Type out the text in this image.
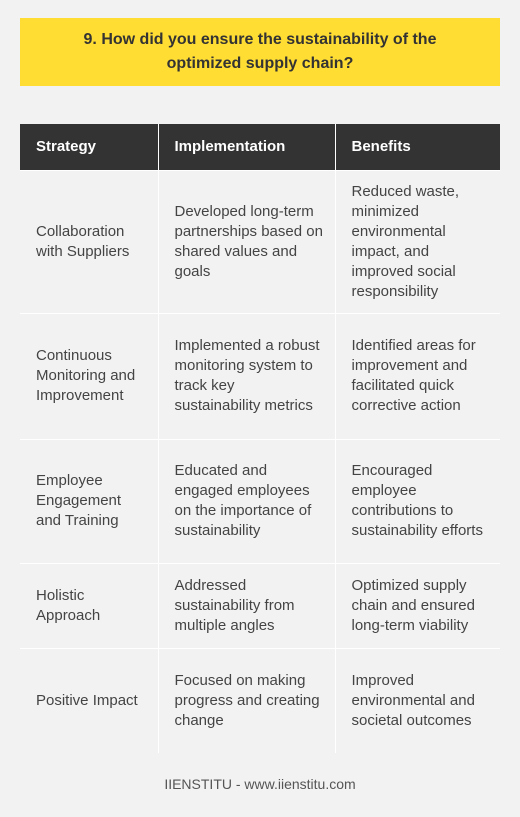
9. How did you ensure the sustainability of the optimized supply chain?
Strategy	Implementation	Benefits
Collaboration with Suppliers	Developed long-term partnerships based on shared values and goals	Reduced waste, minimized environmental impact, and improved social responsibility
Continuous Monitoring and Improvement	Implemented a robust monitoring system to track key sustainability metrics	Identified areas for improvement and facilitated quick corrective action
Employee Engagement and Training	Educated and engaged employees on the importance of sustainability	Encouraged employee contributions to sustainability efforts
Holistic Approach	Addressed sustainability from multiple angles	Optimized supply chain and ensured long-term viability
Positive Impact	Focused on making progress and creating change	Improved environmental and societal outcomes
IIENSTITU - www.iienstitu.com
